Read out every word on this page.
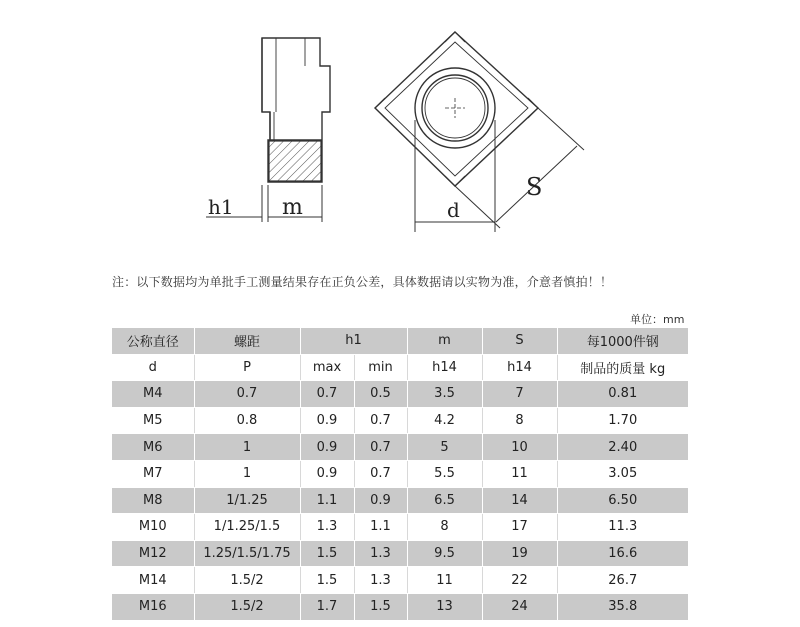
h1 m
S
d
注：以下数据均为单批手工测量结果存在正负公差，具体数据请以实物为准，介意者慎拍！！
单位：mm
公称直径	螺距	h1		m	S	每1000件钢
d	P	max	min	h14	h14	制品的质量 kg
M4	0.7	0.7	0.5	3.5	7	0.81
M5	0.8	0.9	0.7	4.2	8	1.70
M6	1	0.9	0.7	5	10	2.40
M7	1	0.9	0.7	5.5	11	3.05
M8	1/1.25	1.1	0.9	6.5	14	6.50
M10	1/1.25/1.5	1.3	1.1	8	17	11.3
M12	1.25/1.5/1.75	1.5	1.3	9.5	19	16.6
M14	1.5/2	1.5	1.3	11	22	26.7
M16	1.5/2	1.7	1.5	13	24	35.8
